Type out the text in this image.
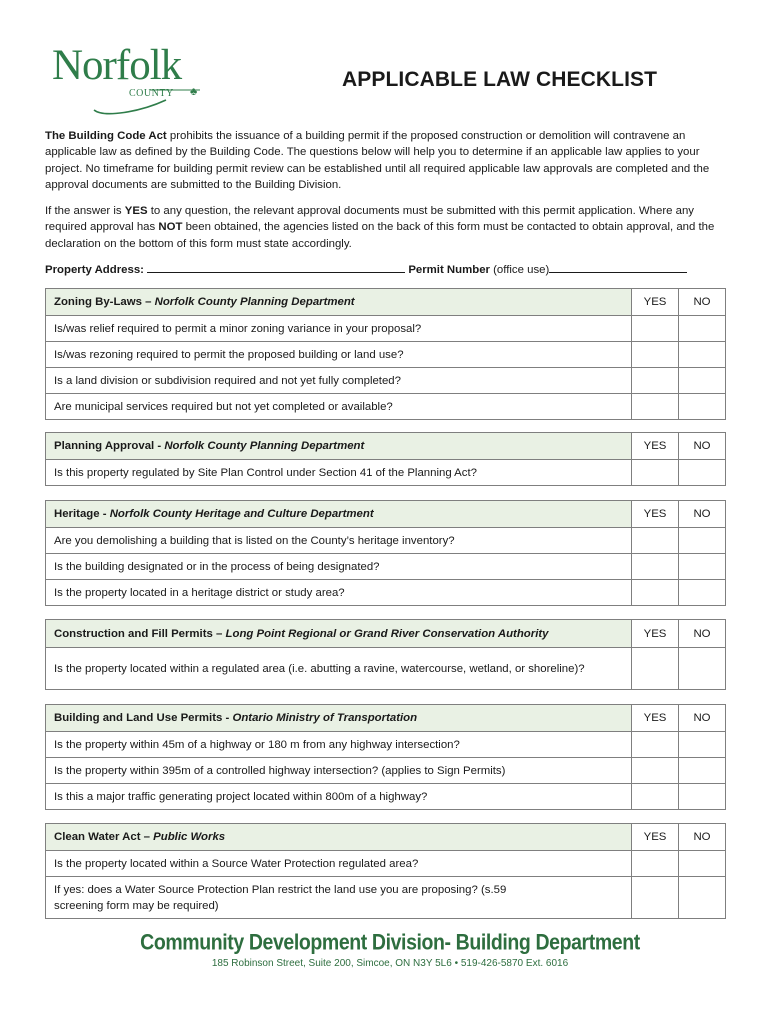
Norfolk
COUNTY ♣
APPLICABLE LAW CHECKLIST

The Building Code Act prohibits the issuance of a building permit if the proposed construction or demolition will contravene an applicable law as defined by the Building Code. The questions below will help you to determine if an applicable law applies to your project. No timeframe for building permit review can be established until all required applicable law approvals are completed and the approval documents are submitted to the Building Division.

If the answer is YES to any question, the relevant approval documents must be submitted with this permit application. Where any required approval has NOT been obtained, the agencies listed on the back of this form must be contacted to obtain approval, and the declaration on the bottom of this form must state accordingly.

Property Address:	Permit Number (office use)
Zoning By-Laws – Norfolk County Planning Department	YES	NO
Is/was relief required to permit a minor zoning variance in your proposal?		
Is/was rezoning required to permit the proposed building or land use?		
Is a land division or subdivision required and not yet fully completed?		
Are municipal services required but not yet completed or available?		
Planning Approval - Norfolk County Planning Department	YES	NO
Is this property regulated by Site Plan Control under Section 41 of the Planning Act?		
Heritage - Norfolk County Heritage and Culture Department	YES	NO
Are you demolishing a building that is listed on the County’s heritage inventory?		
Is the building designated or in the process of being designated?		
Is the property located in a heritage district or study area?		
Construction and Fill Permits – Long Point Regional or Grand River Conservation Authority	YES	NO
Is the property located within a regulated area (i.e. abutting a ravine, watercourse, wetland, or shoreline)?		
Building and Land Use Permits - Ontario Ministry of Transportation	YES	NO
Is the property within 45m of a highway or 180 m from any highway intersection?		
Is the property within 395m of a controlled highway intersection? (applies to Sign Permits)		
Is this a major traffic generating project located within 800m of a highway?		
Clean Water Act – Public Works	YES	NO
Is the property located within a Source Water Protection regulated area?		
If yes: does a Water Source Protection Plan restrict the land use you are proposing? (s.59 screening form may be required)		
Community Development Division- Building Department
185 Robinson Street, Suite 200, Simcoe, ON N3Y 5L6 • 519-426-5870 Ext. 6016
